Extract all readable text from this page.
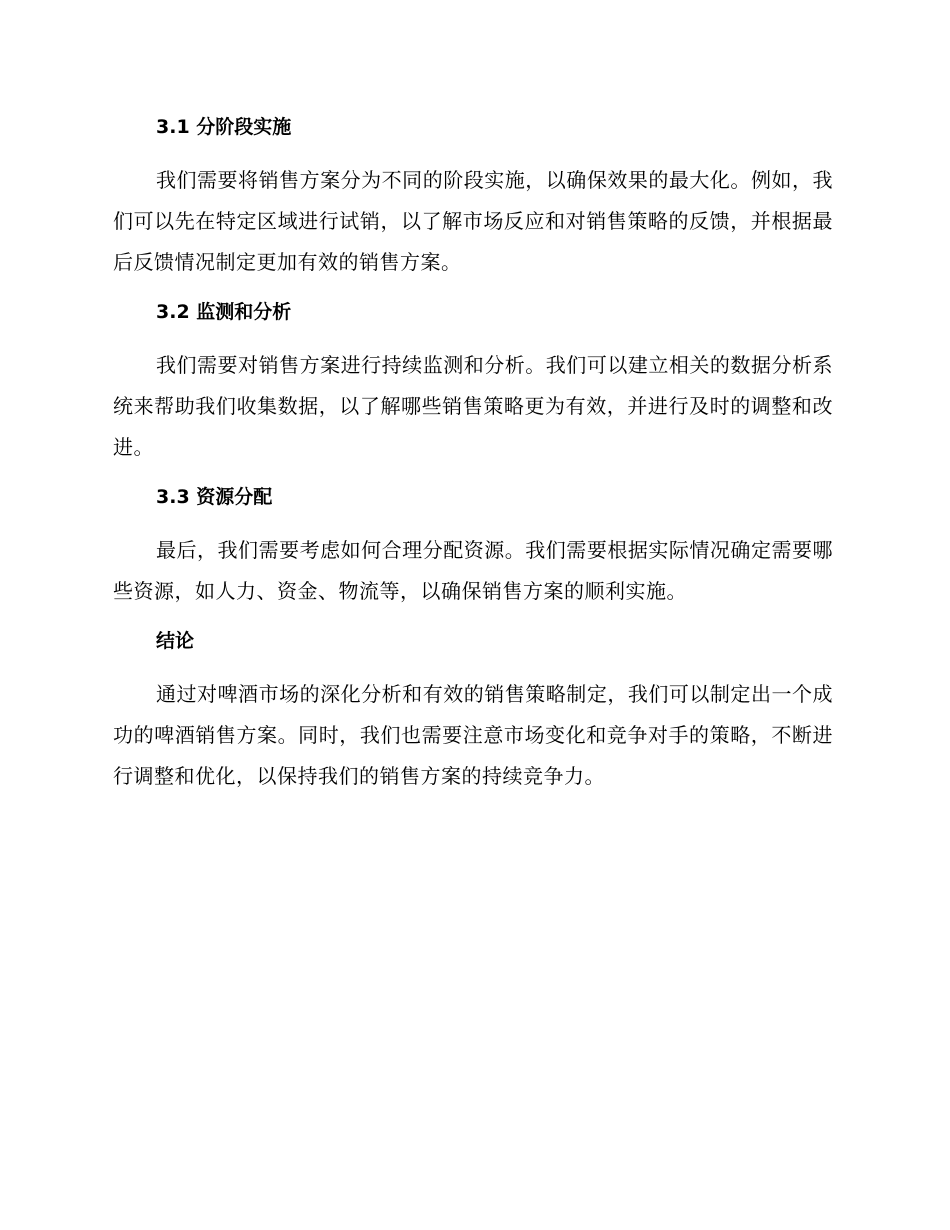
3.1 分阶段实施

我们需要将销售方案分为不同的阶段实施，以确保效果的最大化。例如，我们可以先在特定区域进行试销，以了解市场反应和对销售策略的反馈，并根据最后反馈情况制定更加有效的销售方案。

3.2 监测和分析

我们需要对销售方案进行持续监测和分析。我们可以建立相关的数据分析系统来帮助我们收集数据，以了解哪些销售策略更为有效，并进行及时的调整和改进。

3.3 资源分配

最后，我们需要考虑如何合理分配资源。我们需要根据实际情况确定需要哪些资源，如人力、资金、物流等，以确保销售方案的顺利实施。

结论

通过对啤酒市场的深化分析和有效的销售策略制定，我们可以制定出一个成功的啤酒销售方案。同时，我们也需要注意市场变化和竞争对手的策略，不断进行调整和优化，以保持我们的销售方案的持续竞争力。
